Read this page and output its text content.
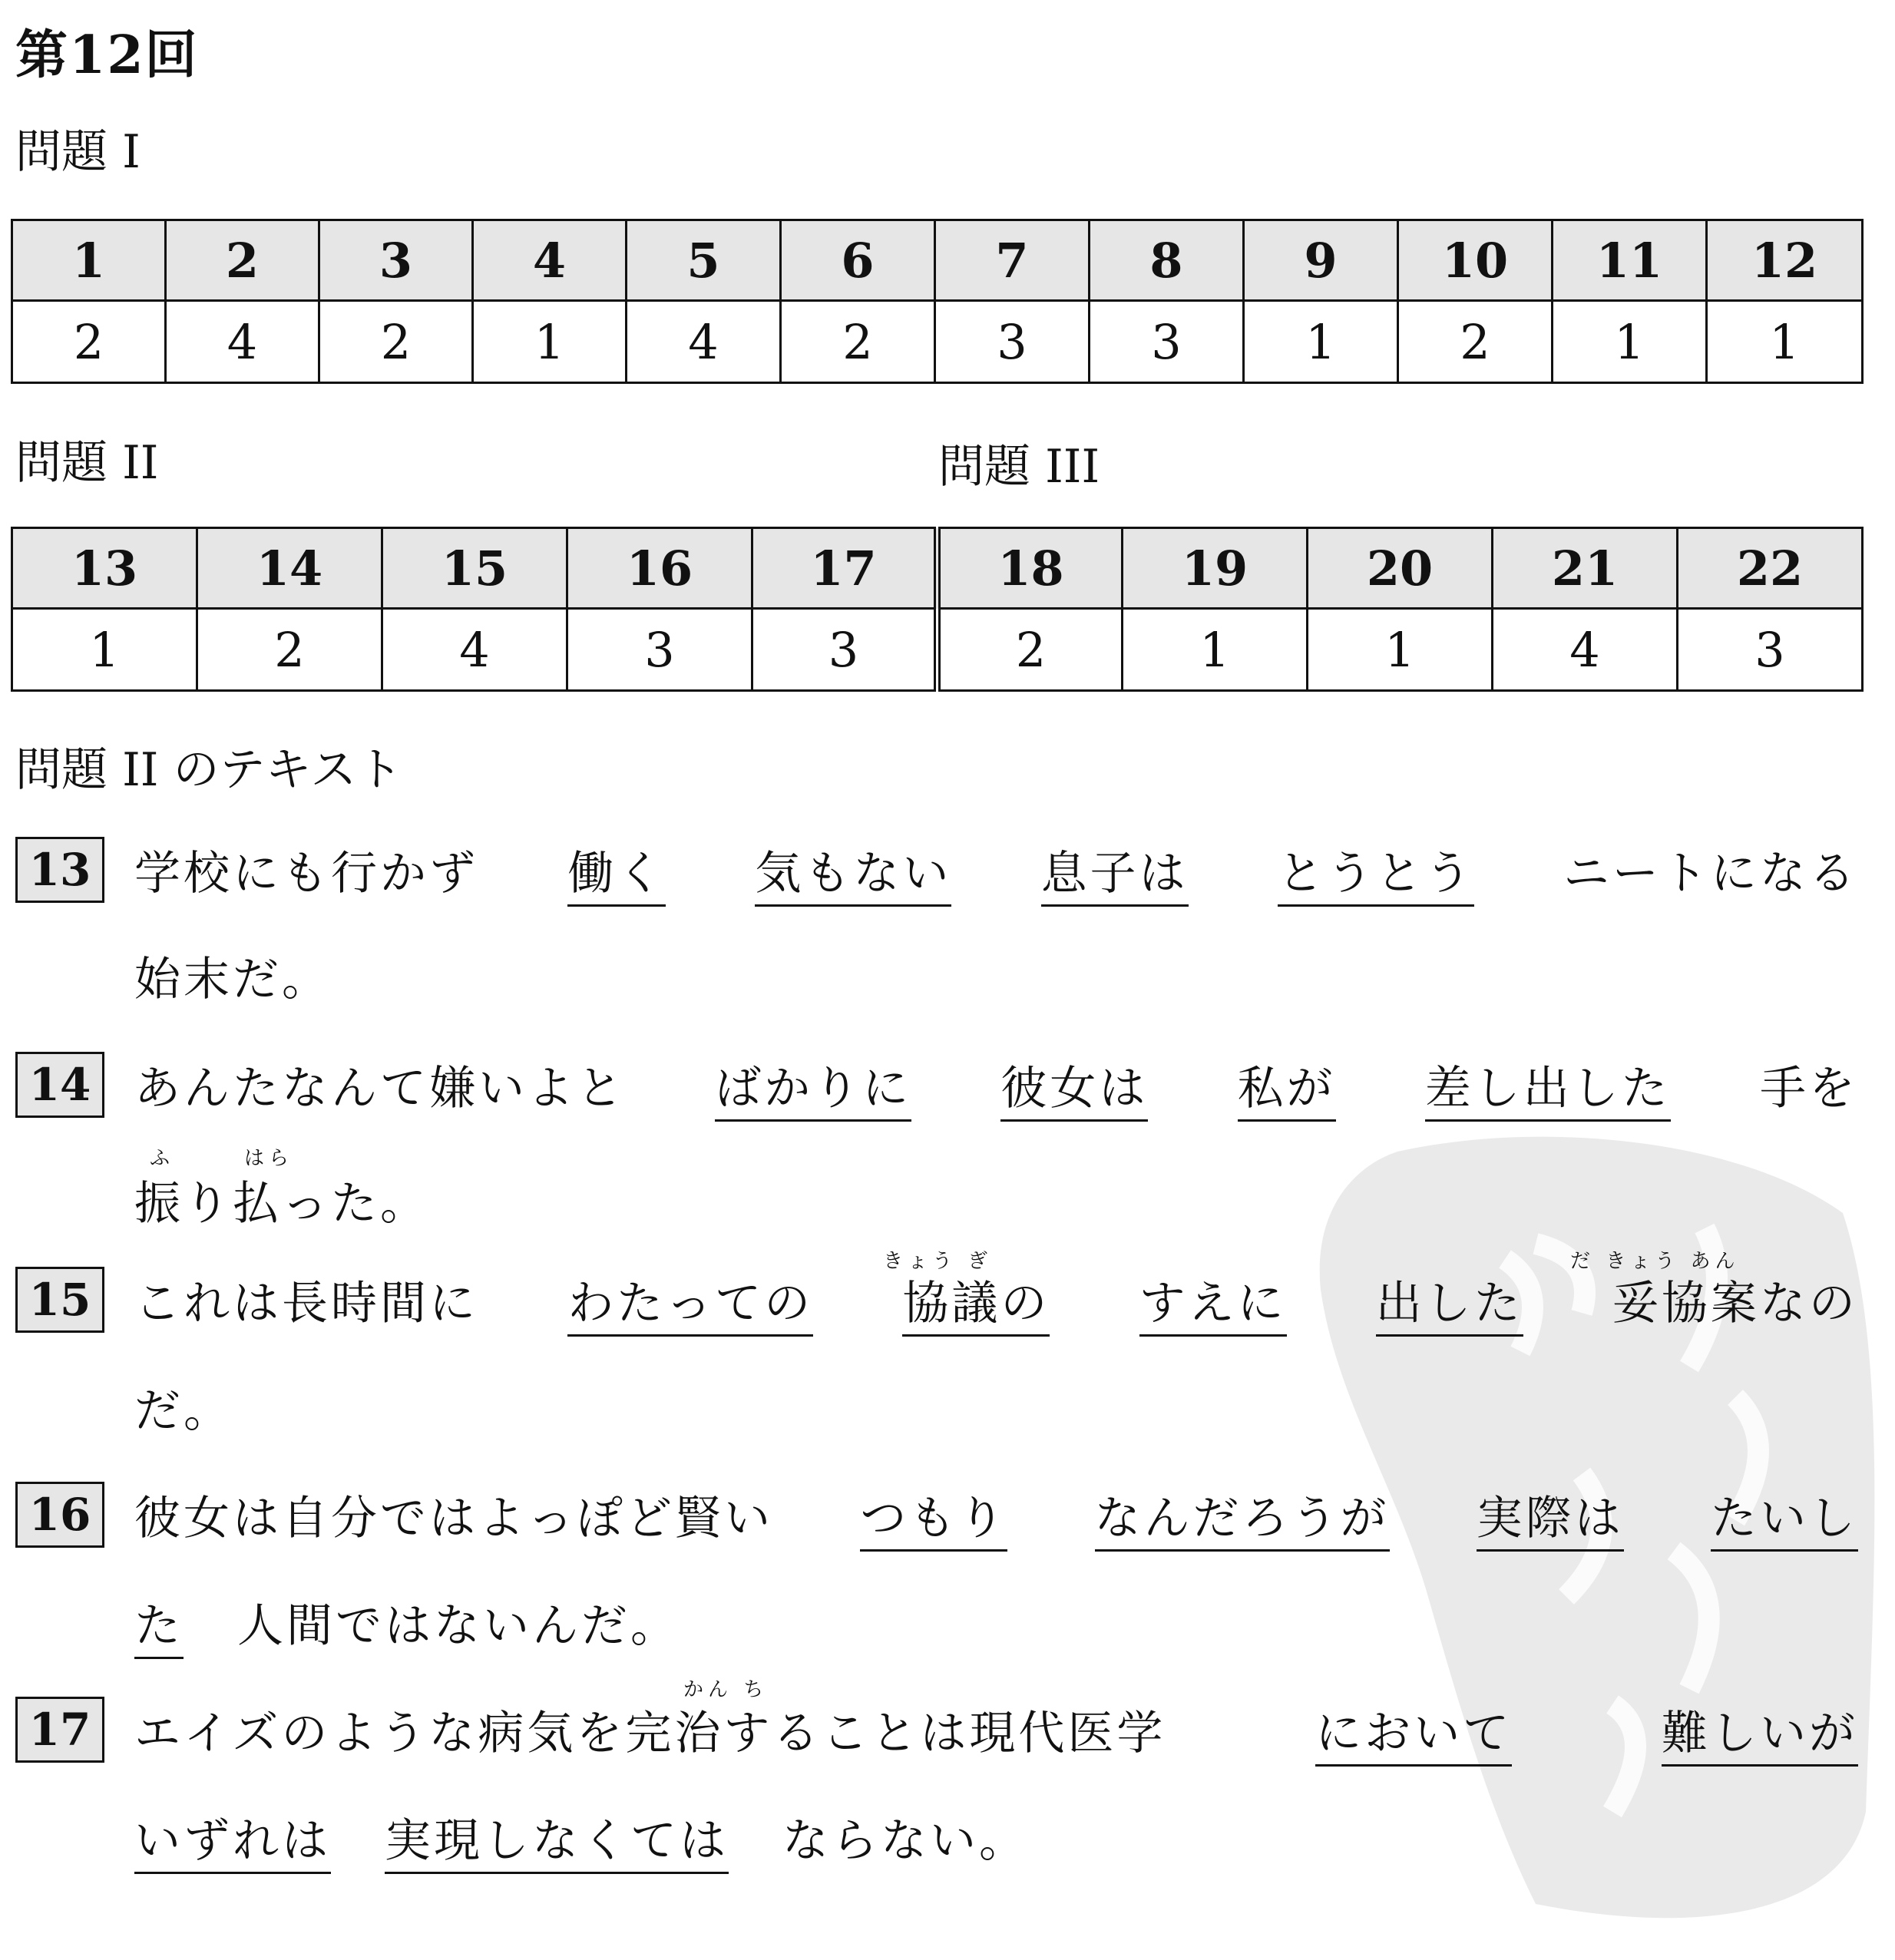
第12回
問題 I
1	2	3	4	5	6	7	8	9	10	11	12
2	4	2	1	4	2	3	3	1	2	1	1
問題 II	問題 III
13	14	15	16	17	18	19	20	21	22
1	2	4	3	3	2	1	1	4	3
問題 II のテキスト
13 学校にも行かず 働く 気もない 息子は とうとう ニートになる
始末だ。
14 あんたなんて嫌いよと ばかりに 彼女は 私が 差し出した 手を
ふ	はら
振り払った。
15
きょう ぎ	だ きょう あん
これは長時間に わたっての 協議の すえに 出した 妥協案なの
だ。
16 彼女は自分ではよっぽど賢い つもり なんだろうが 実際は たいし
た 人間ではないんだ。
17
かん ち
エイズのような病気を完治することは現代医学	において	難しいが
いずれは 実現しなくては ならない。
